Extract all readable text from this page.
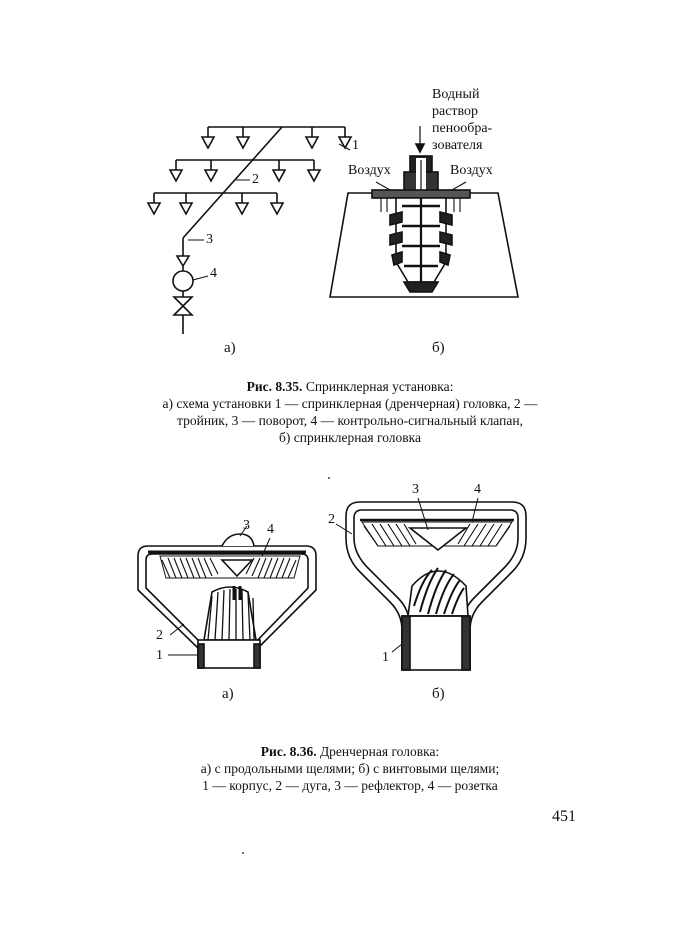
1
2
3
4
Водный
раствор
пенообра-
зователя
Воздух	Воздух
а)	б)
Рис. 8.35. Спринклерная установка:
а) схема установки 1 — спринклерная (дренчерная) головка, 2 —
тройник, 3 — поворот, 4 — контрольно-сигнальный клапан,
б) спринклерная головка
3 4
2
1
3	4
2
1
а)	б)
Рис. 8.36. Дренчерная головка:
а) с продольными щелями; б) с винтовыми щелями;
1 — корпус, 2 — дуга, 3 — рефлектор, 4 — розетка
451
